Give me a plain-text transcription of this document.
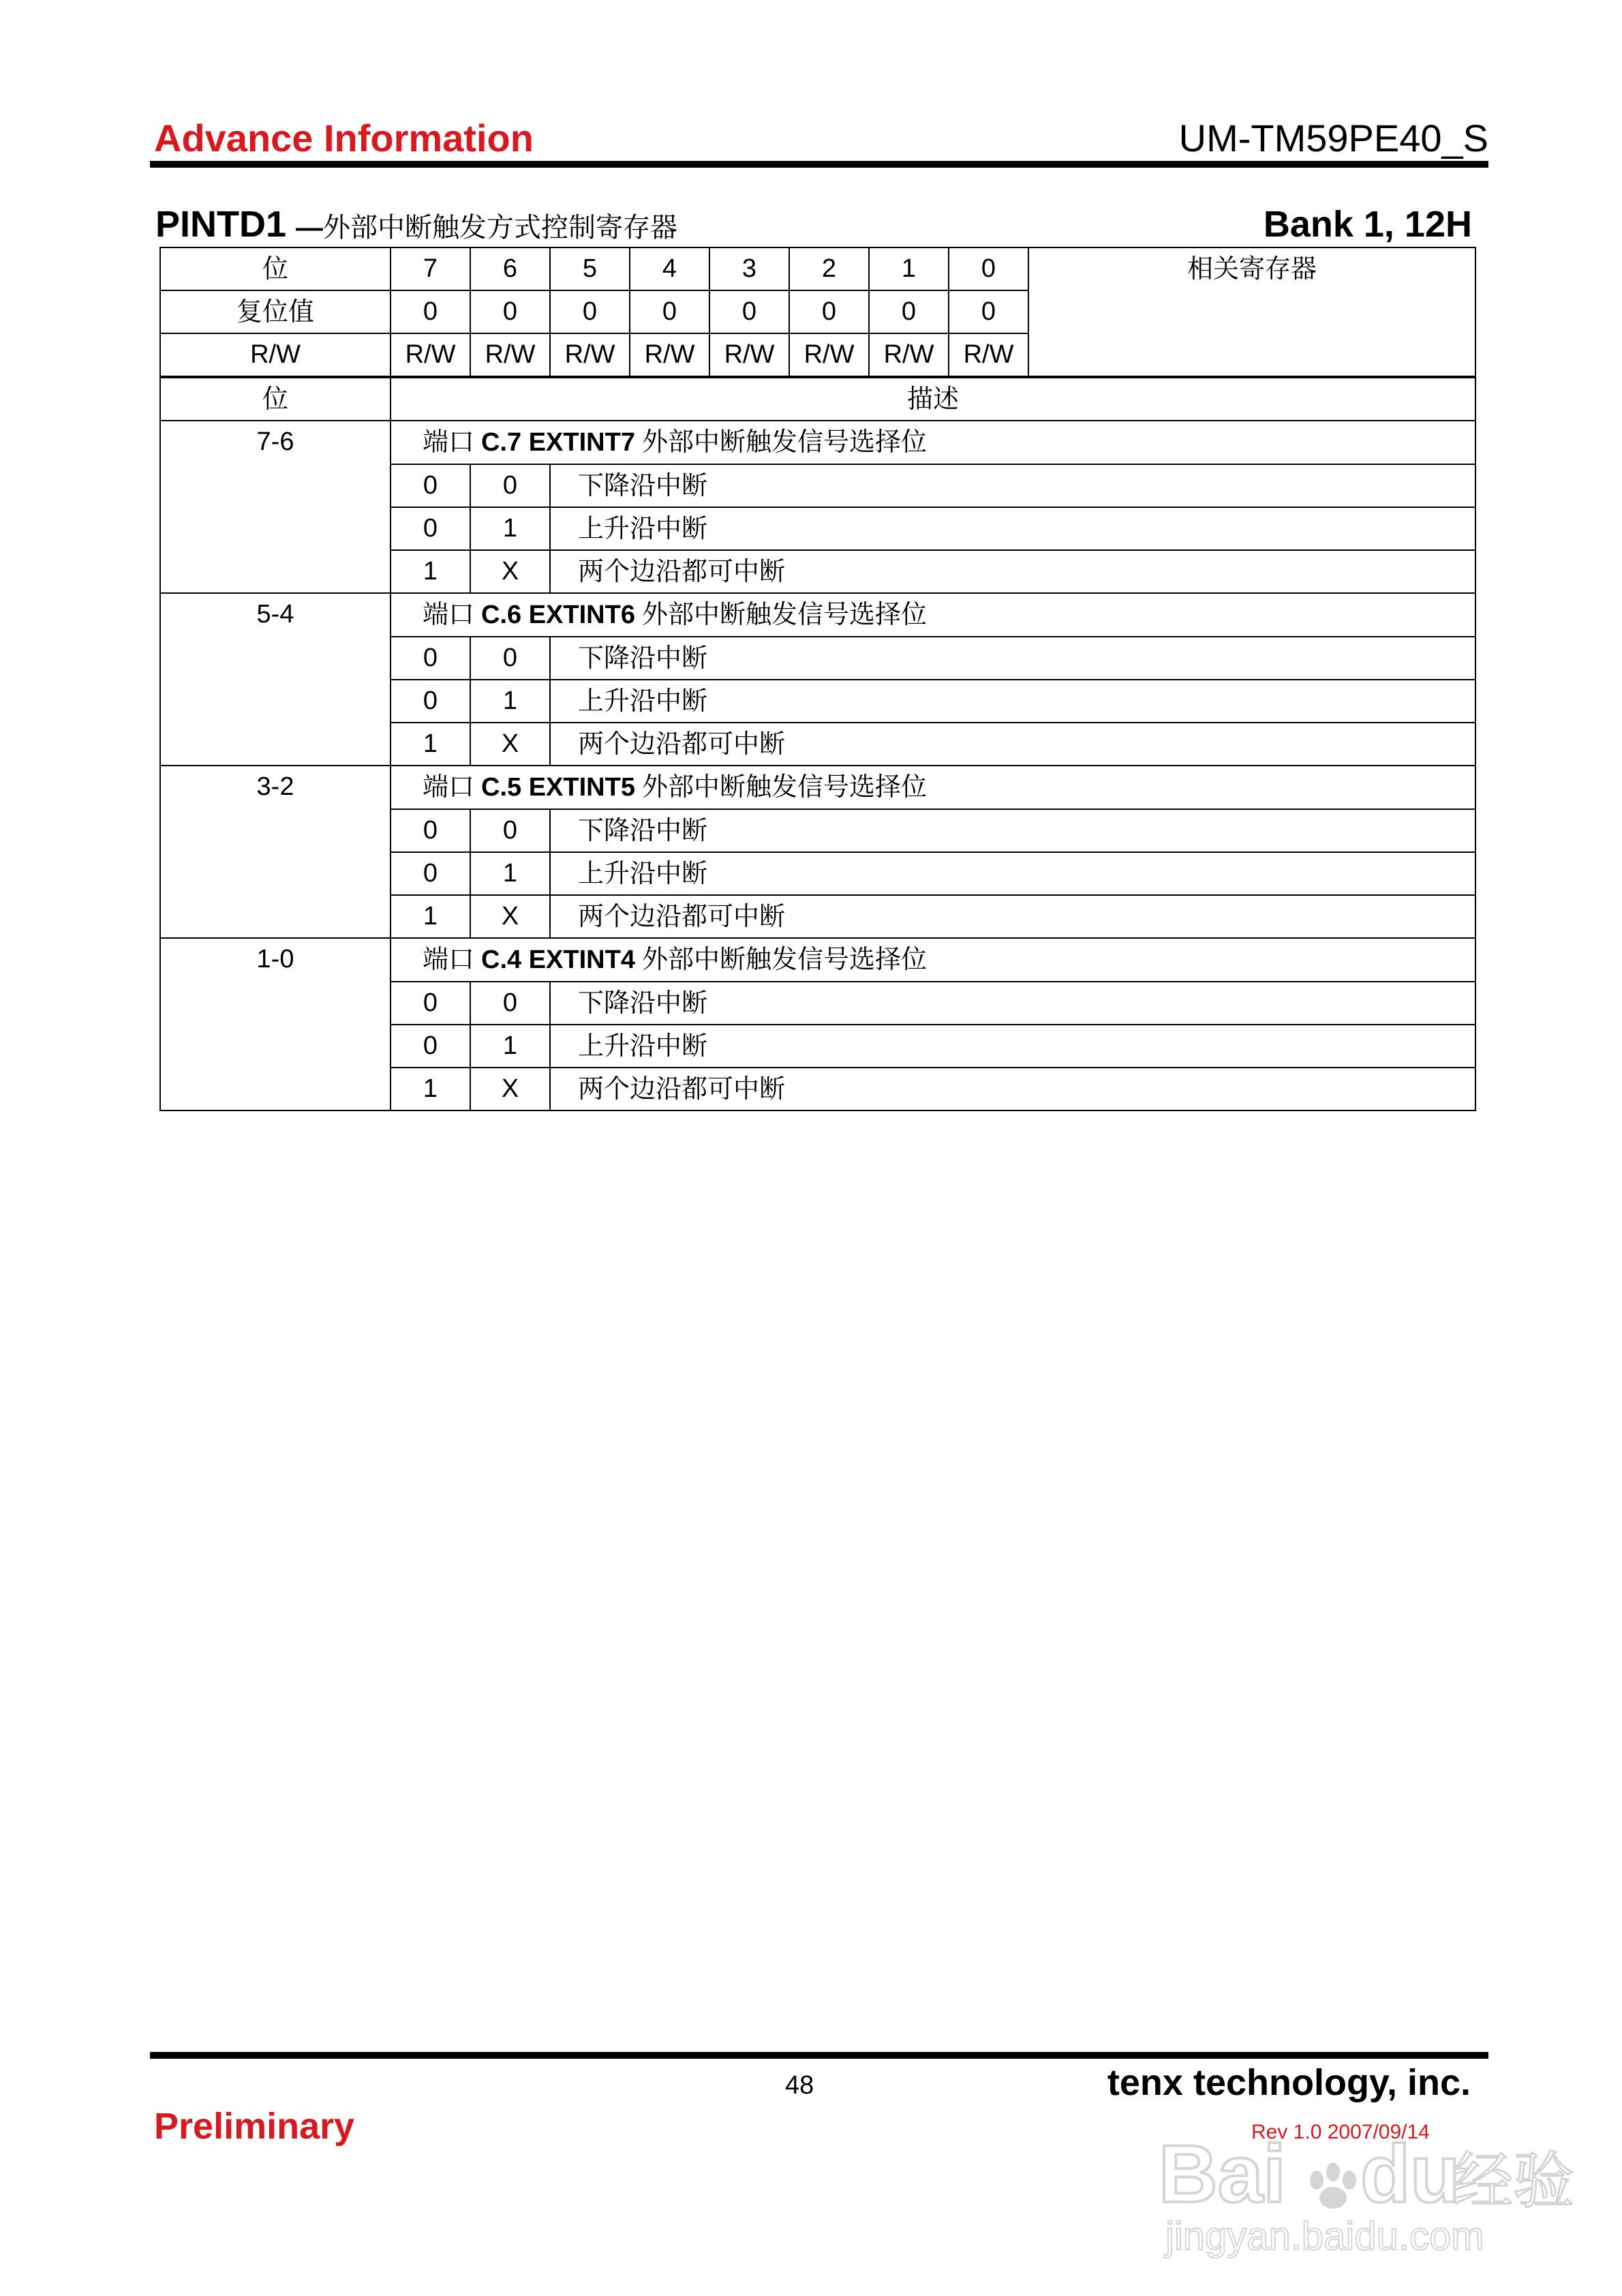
Advance Information	UM-TM59PE40_S
PINTD1 —外部中断触发方式控制寄存器	Bank 1, 12H
位	7	6	5	4	3	2	1	0	相关寄存器
复位值	0	0	0	0	0	0	0	0	
R/W	R/W	R/W	R/W	R/W	R/W	R/W	R/W	R/W	
位	描述								
7-6	端口 C.7 EXTINT7 外部中断触发信号选择位								
	0	0	下降沿中断						
	0	1	上升沿中断						
	1	X	两个边沿都可中断						
5-4	端口 C.6 EXTINT6 外部中断触发信号选择位								
	0	0	下降沿中断						
	0	1	上升沿中断						
	1	X	两个边沿都可中断						
3-2	端口 C.5 EXTINT5 外部中断触发信号选择位								
	0	0	下降沿中断						
	0	1	上升沿中断						
	1	X	两个边沿都可中断						
1-0	端口 C.4 EXTINT4 外部中断触发信号选择位								
	0	0	下降沿中断						
	0	1	上升沿中断						
	1	X	两个边沿都可中断						
48	tenx technology, inc.
Preliminary	Rev 1.0 2007/09/14
Bai du
经验
jingyan.baidu.com
